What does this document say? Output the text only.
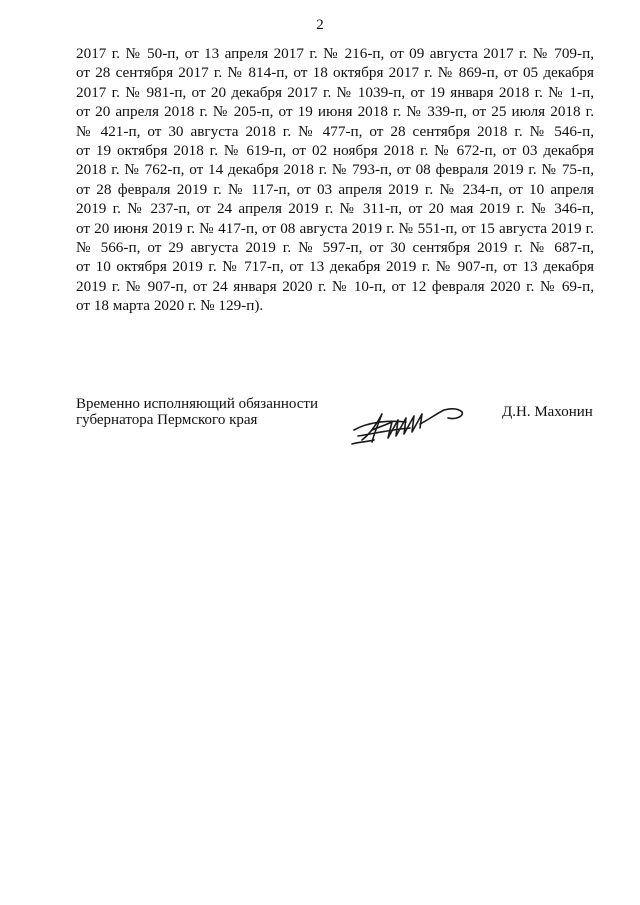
2
2017 г. № 50-п, от 13 апреля 2017 г. № 216-п, от 09 августа 2017 г. № 709-п,
от 28 сентября 2017 г. № 814-п, от 18 октября 2017 г. № 869-п, от 05 декабря
2017 г. № 981-п, от 20 декабря 2017 г. № 1039-п, от 19 января 2018 г. № 1-п,
от 20 апреля 2018 г. № 205-п, от 19 июня 2018 г. № 339-п, от 25 июля 2018 г.
№ 421-п, от 30 августа 2018 г. № 477-п, от 28 сентября 2018 г. № 546-п,
от 19 октября 2018 г. № 619-п, от 02 ноября 2018 г. № 672-п, от 03 декабря
2018 г. № 762-п, от 14 декабря 2018 г. № 793-п, от 08 февраля 2019 г. № 75-п,
от 28 февраля 2019 г. № 117-п, от 03 апреля 2019 г. № 234-п, от 10 апреля
2019 г. № 237-п, от 24 апреля 2019 г. № 311-п, от 20 мая 2019 г. № 346-п,
от 20 июня 2019 г. № 417-п, от 08 августа 2019 г. № 551-п, от 15 августа 2019 г.
№ 566-п, от 29 августа 2019 г. № 597-п, от 30 сентября 2019 г. № 687-п,
от 10 октября 2019 г. № 717-п, от 13 декабря 2019 г. № 907-п, от 13 декабря
2019 г. № 907-п, от 24 января 2020 г. № 10-п, от 12 февраля 2020 г. № 69-п,
от 18 марта 2020 г. № 129-п).
Временно исполняющий обязанности
губернатора Пермского края	Д.Н. Махонин
